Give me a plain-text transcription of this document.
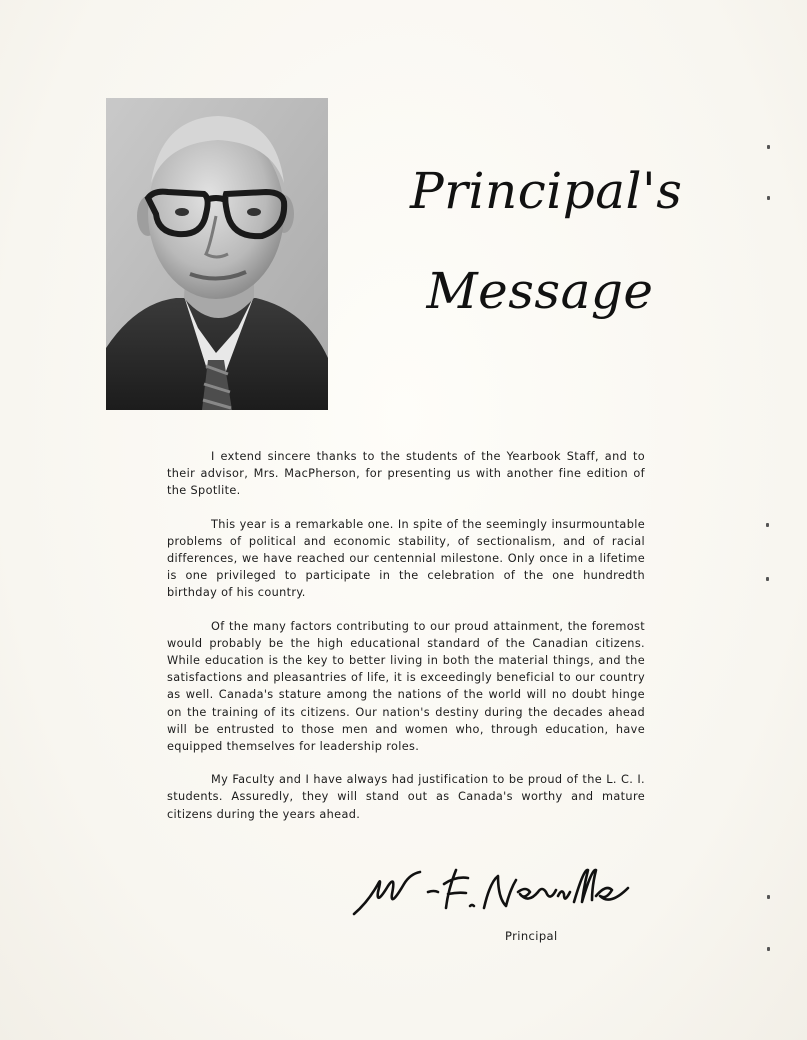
Principal's
Message

I extend sincere thanks to the students of the Yearbook Staff, and to their advisor, Mrs. MacPherson, for presenting us with another fine edition of the Spotlite.

This year is a remarkable one. In spite of the seemingly insurmountable problems of political and economic stability, of sectionalism, and of racial differences, we have reached our centennial milestone. Only once in a lifetime is one privileged to participate in the celebration of the one hundredth birthday of his country.

Of the many factors contributing to our proud attainment, the foremost would probably be the high educational standard of the Canadian citizens. While education is the key to better living in both the material things, and the satisfactions and pleasantries of life, it is exceedingly beneficial to our country as well. Canada's stature among the nations of the world will no doubt hinge on the training of its citizens. Our nation's destiny during the decades ahead will be entrusted to those men and women who, through education, have equipped themselves for leadership roles.

My Faculty and I have always had justification to be proud of the L. C. I. students. Assuredly, they will stand out as Canada's worthy and mature citizens during the years ahead.

Principal
